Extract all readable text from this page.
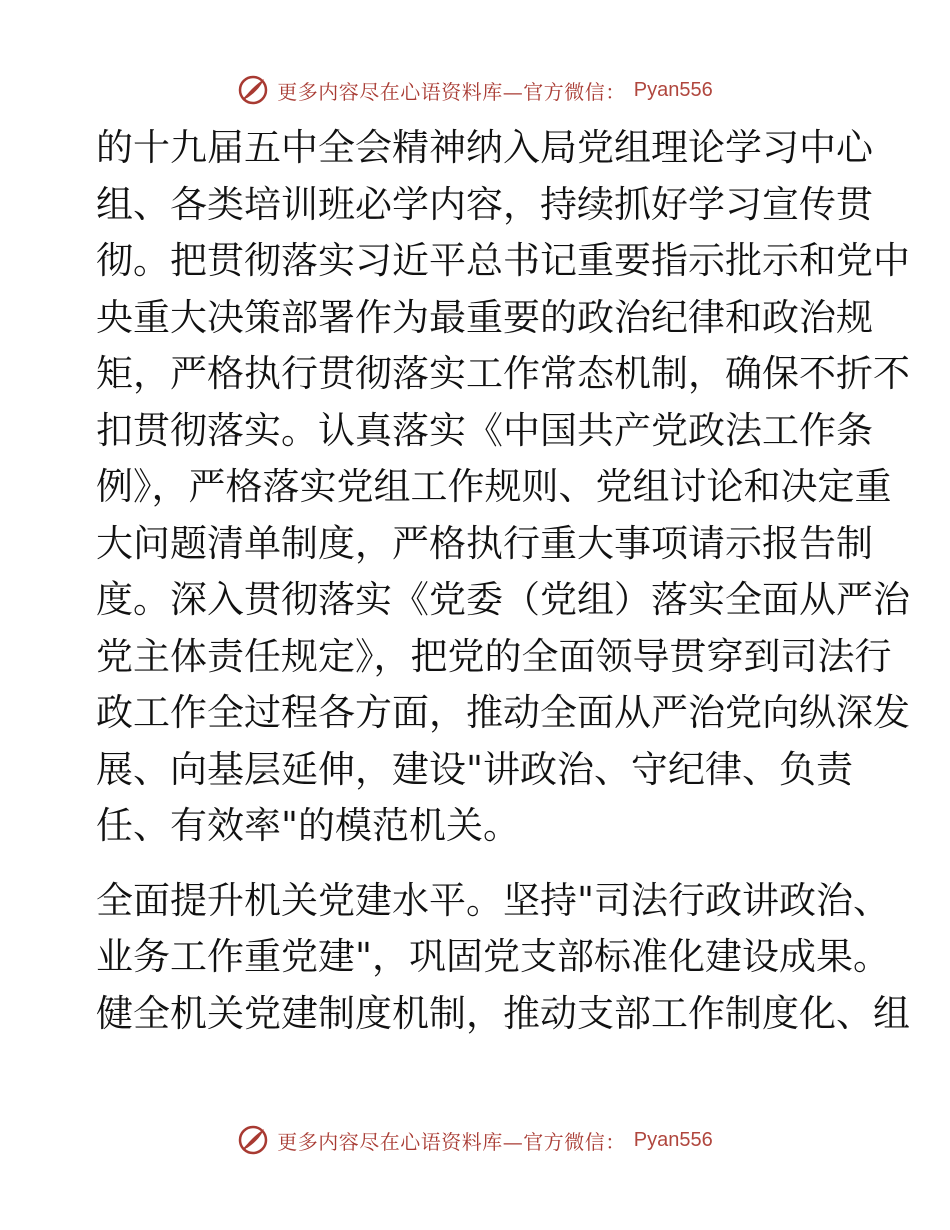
更多内容尽在心语资料库—官方微信： Pyan556

的十九届五中全会精神纳入局党组理论学习中心
组、各类培训班必学内容，持续抓好学习宣传贯
彻。把贯彻落实习近平总书记重要指示批示和党中
央重大决策部署作为最重要的政治纪律和政治规
矩，严格执行贯彻落实工作常态机制，确保不折不
扣贯彻落实。认真落实《中国共产党政法工作条
例》，严格落实党组工作规则、党组讨论和决定重
大问题清单制度，严格执行重大事项请示报告制
度。深入贯彻落实《党委（党组）落实全面从严治
党主体责任规定》，把党的全面领导贯穿到司法行
政工作全过程各方面，推动全面从严治党向纵深发
展、向基层延伸，建设"讲政治、守纪律、负责
任、有效率"的模范机关。

全面提升机关党建水平。坚持"司法行政讲政治、
业务工作重党建"，巩固党支部标准化建设成果。
健全机关党建制度机制，推动支部工作制度化、组

更多内容尽在心语资料库—官方微信： Pyan556
